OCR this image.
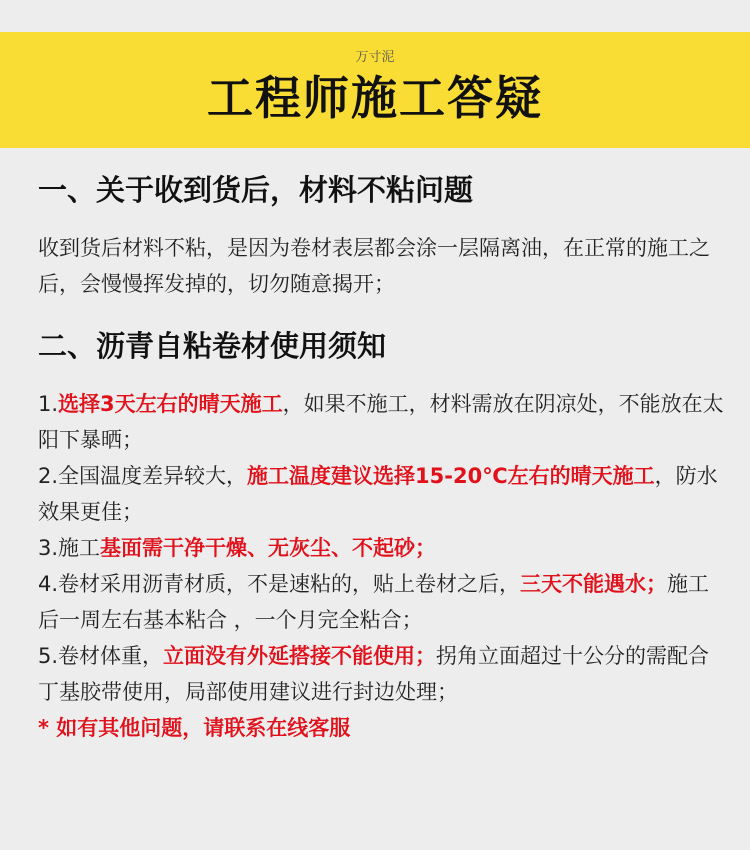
万寸泥
工程师施工答疑
一、关于收到货后，材料不粘问题

收到货后材料不粘，是因为卷材表层都会涂一层隔离油，在正常的施工之后，会慢慢挥发掉的，切勿随意揭开；

二、沥青自粘卷材使用须知

1.选择3天左右的晴天施工，如果不施工，材料需放在阴凉处，不能放在太阳下暴晒；

2.全国温度差异较大，施工温度建议选择15-20℃左右的晴天施工，防水效果更佳；

3.施工基面需干净干燥、无灰尘、不起砂；

4.卷材采用沥青材质，不是速粘的，贴上卷材之后，三天不能遇水；施工后一周左右基本粘合 ，一个月完全粘合；

5.卷材体重，立面没有外延搭接不能使用；拐角立面超过十公分的需配合丁基胶带使用，局部使用建议进行封边处理；

* 如有其他问题，请联系在线客服
